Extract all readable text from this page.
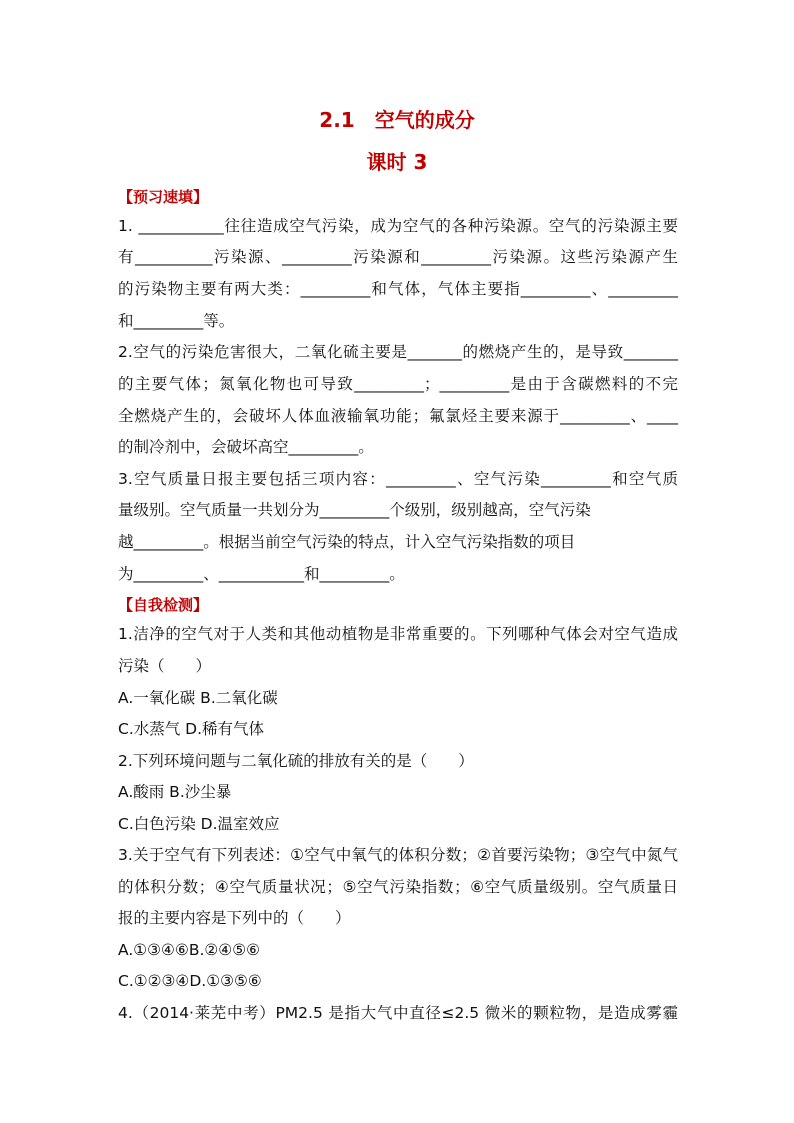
2.1　空气的成分
课时 3
【预习速填】
1. ___________往往造成空气污染，成为空气的各种污染源。空气的污染源主要
有__________污染源、_________污染源和_________污染源。这些污染源产生
的污染物主要有两大类：_________和气体，气体主要指_________、_________
和_________等。
2.空气的污染危害很大，二氧化硫主要是_______的燃烧产生的，是导致_______
的主要气体；氮氧化物也可导致_________；_________是由于含碳燃料的不完
全燃烧产生的，会破坏人体血液输氧功能；氟氯烃主要来源于_________、____
的制冷剂中，会破坏高空_________。
3.空气质量日报主要包括三项内容：_________、空气污染_________和空气质
量级别。空气质量一共划分为_________个级别，级别越高，空气污染
越_________。根据当前空气污染的特点，计入空气污染指数的项目
为_________、___________和_________。
【自我检测】
1.洁净的空气对于人类和其他动植物是非常重要的。下列哪种气体会对空气造成
污染（　　）
A.一氧化碳 B.二氧化碳
C.水蒸气 D.稀有气体
2.下列环境问题与二氧化硫的排放有关的是（　　）
A.酸雨 B.沙尘暴
C.白色污染 D.温室效应
3.关于空气有下列表述：①空气中氧气的体积分数；②首要污染物；③空气中氮气
的体积分数；④空气质量状况；⑤空气污染指数；⑥空气质量级别。空气质量日
报的主要内容是下列中的（　　）
A.①③④⑥B.②④⑤⑥
C.①②③④D.①③⑤⑥
4.（2014·莱芜中考）PM2.5 是指大气中直径≤2.5 微米的颗粒物，是造成雾霾
